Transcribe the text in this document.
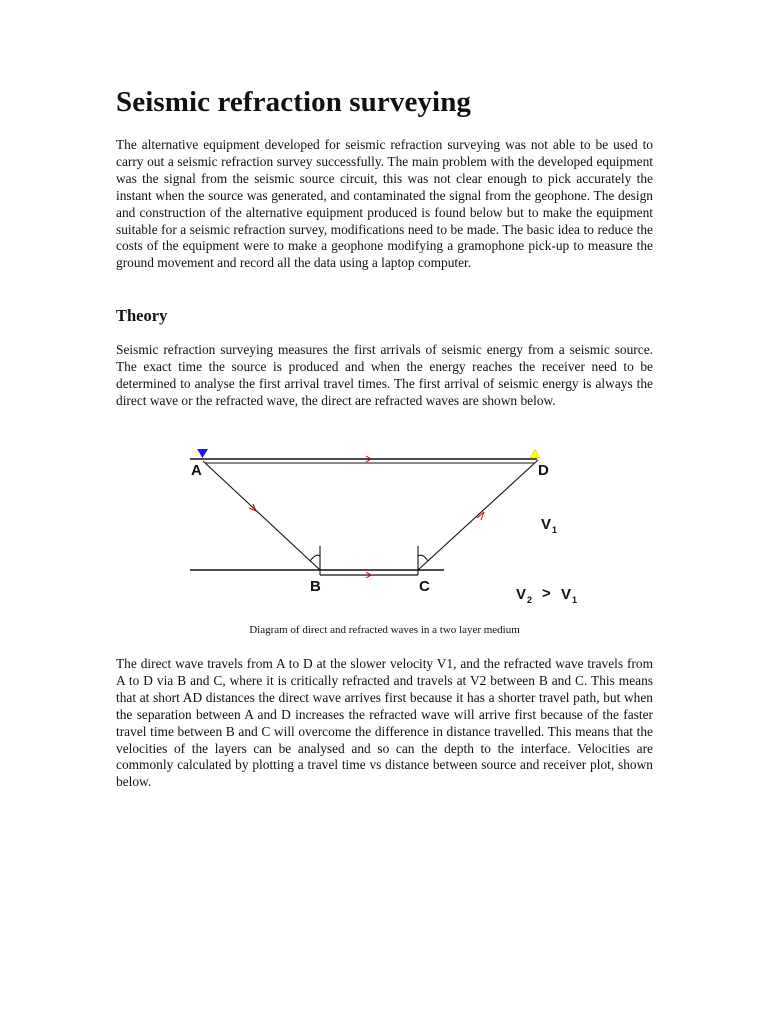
Seismic refraction surveying

The alternative equipment developed for seismic refraction surveying was not able to be used to carry out a seismic refraction survey successfully. The main problem with the developed equipment was the signal from the seismic source circuit, this was not clear enough to pick accurately the instant when the source was generated, and contaminated the signal from the geophone. The design and construction of the alternative equipment produced is found below but to make the equipment suitable for a seismic refraction survey, modifications need to be made. The basic idea to reduce the costs of the equipment were to make a geophone modifying a gramophone pick-up to measure the ground movement and record all the data using a laptop computer.

Theory

Seismic refraction surveying measures the first arrivals of seismic energy from a seismic source. The exact time the source is produced and when the energy reaches the receiver need to be determined to analyse the first arrival travel times. The first arrival of seismic energy is always the direct wave or the refracted wave, the direct are refracted waves are shown below.

A	D
B	C
V 1
V 2 > V 1

Diagram of direct and refracted waves in a two layer medium

The direct wave travels from A to D at the slower velocity V1, and the refracted wave travels from A to D via B and C, where it is critically refracted and travels at V2 between B and C. This means that at short AD distances the direct wave arrives first because it has a shorter travel path, but when the separation between A and D increases the refracted wave will arrive first because of the faster travel time between B and C will overcome the difference in distance travelled. This means that the velocities of the layers can be analysed and so can the depth to the interface. Velocities are commonly calculated by plotting a travel time vs distance between source and receiver plot, shown below.
